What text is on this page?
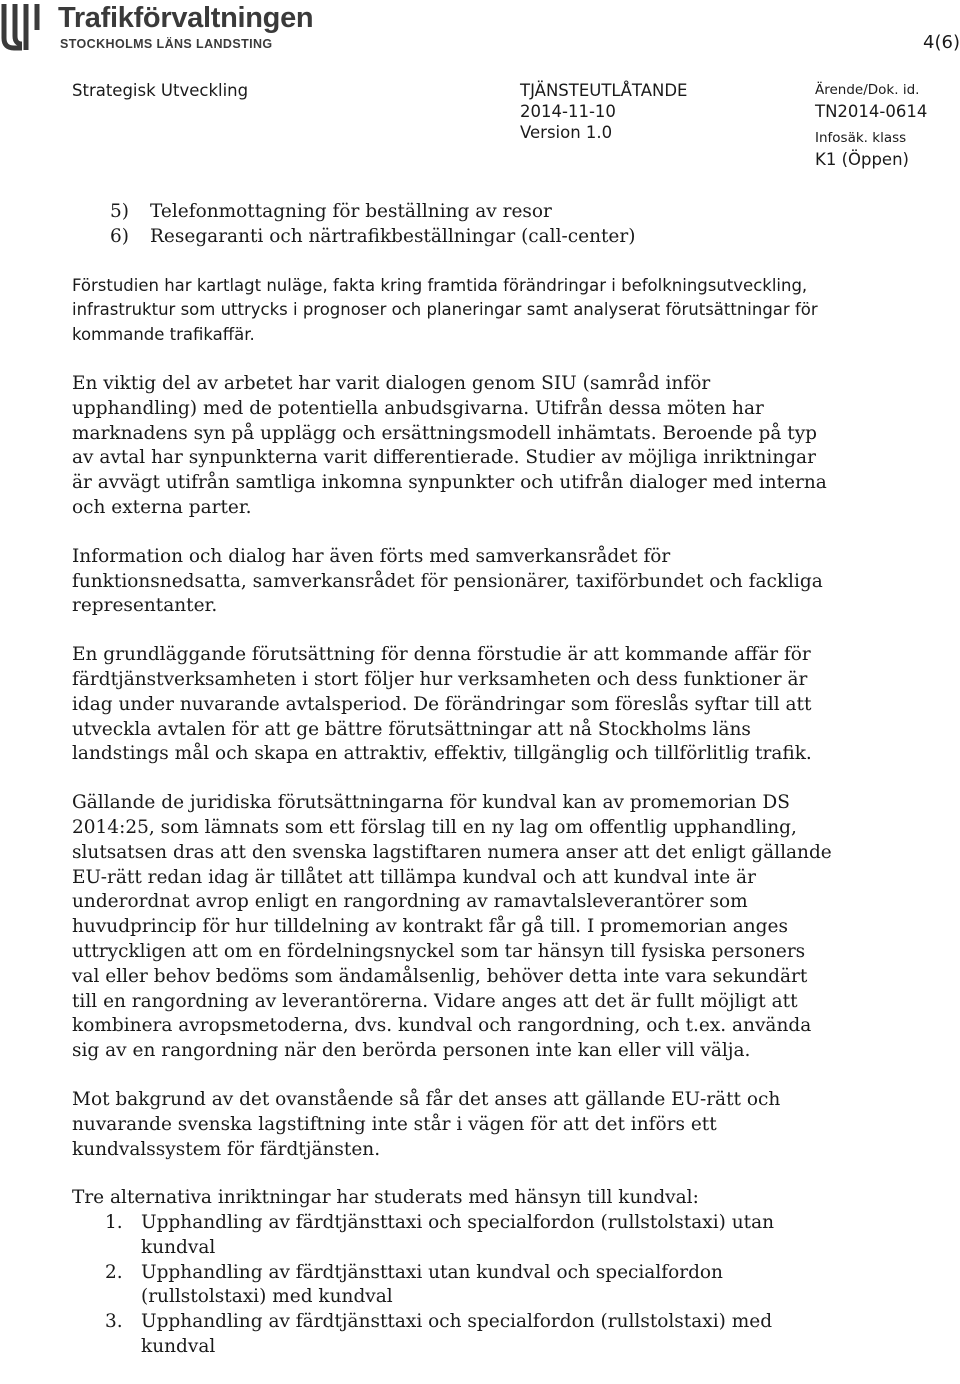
Trafikförvaltningen
STOCKHOLMS LÄNS LANDSTING	4(6)
Strategisk Utveckling	TJÄNSTEUTLÅTANDE
2014-11-10
Version 1.0
Ärende/Dok. id.
TN2014-0614
Infosäk. klass
K1 (Öppen)
5)	Telefonmottagning för beställning av resor
6)	Resegaranti och närtrafikbeställningar (call-center)

Förstudien har kartlagt nuläge, fakta kring framtida förändringar i befolkningsutveckling, infrastruktur som uttrycks i prognoser och planeringar samt analyserat förutsättningar för kommande trafikaffär.

En viktig del av arbetet har varit dialogen genom SIU (samråd inför upphandling) med de potentiella anbudsgivarna. Utifrån dessa möten har marknadens syn på upplägg och ersättningsmodell inhämtats. Beroende på typ av avtal har synpunkterna varit differentierade. Studier av möjliga inriktningar är avvägt utifrån samtliga inkomna synpunkter och utifrån dialoger med interna och externa parter.

Information och dialog har även förts med samverkansrådet för funktionsnedsatta, samverkansrådet för pensionärer, taxiförbundet och fackliga representanter.

En grundläggande förutsättning för denna förstudie är att kommande affär för färdtjänstverksamheten i stort följer hur verksamheten och dess funktioner är idag under nuvarande avtalsperiod. De förändringar som föreslås syftar till att utveckla avtalen för att ge bättre förutsättningar att nå Stockholms läns landstings mål och skapa en attraktiv, effektiv, tillgänglig och tillförlitlig trafik.

Gällande de juridiska förutsättningarna för kundval kan av promemorian DS 2014:25, som lämnats som ett förslag till en ny lag om offentlig upphandling, slutsatsen dras att den svenska lagstiftaren numera anser att det enligt gällande EU-rätt redan idag är tillåtet att tillämpa kundval och att kundval inte är underordnat avrop enligt en rangordning av ramavtalsleverantörer som huvudprincip för hur tilldelning av kontrakt får gå till. I promemorian anges uttryckligen att om en fördelningsnyckel som tar hänsyn till fysiska personers val eller behov bedöms som ändamålsenlig, behöver detta inte vara sekundärt till en rangordning av leverantörerna. Vidare anges att det är fullt möjligt att kombinera avropsmetoderna, dvs. kundval och rangordning, och t.ex. använda sig av en rangordning när den berörda personen inte kan eller vill välja.

Mot bakgrund av det ovanstående så får det anses att gällande EU-rätt och nuvarande svenska lagstiftning inte står i vägen för att det införs ett kundvalssystem för färdtjänsten.

Tre alternativa inriktningar har studerats med hänsyn till kundval:

1. Upphandling av färdtjänsttaxi och specialfordon (rullstolstaxi) utan kundval
2. Upphandling av färdtjänsttaxi utan kundval och specialfordon (rullstolstaxi) med kundval
3. Upphandling av färdtjänsttaxi och specialfordon (rullstolstaxi) med kundval
